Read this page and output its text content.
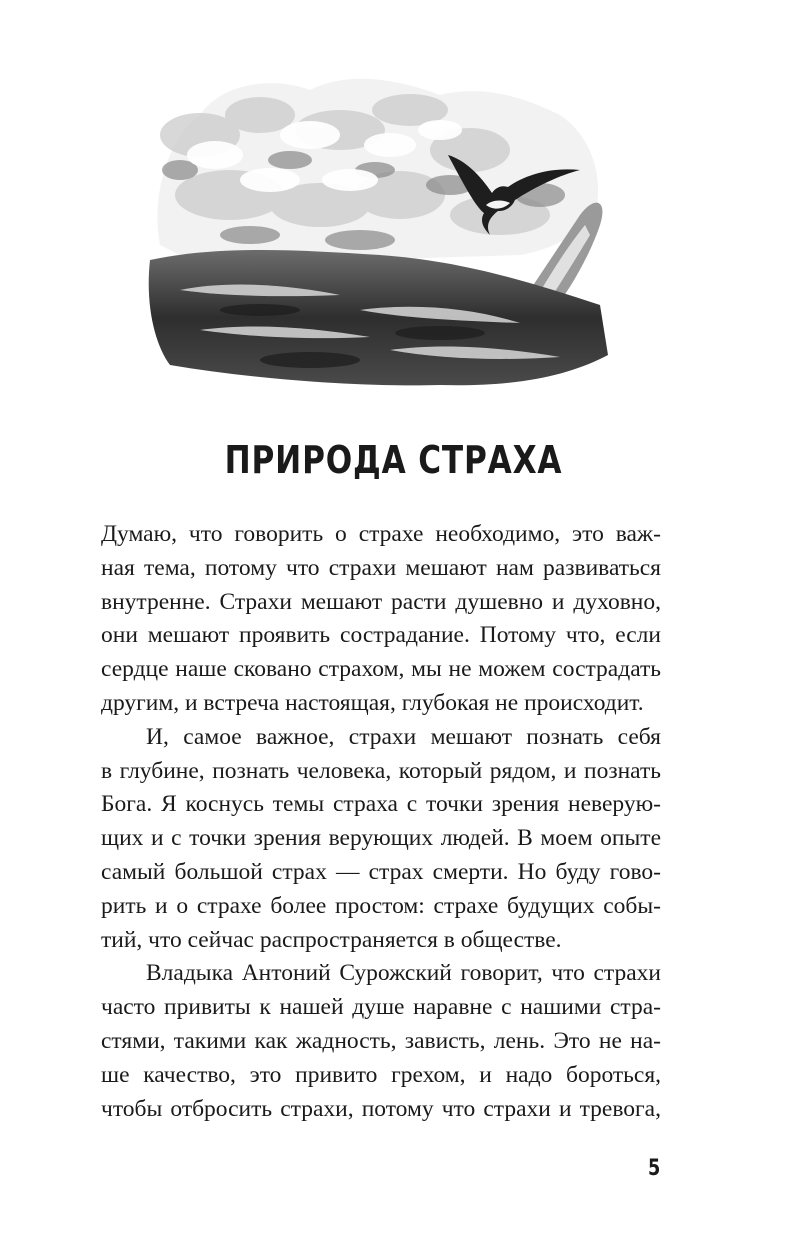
ПРИРОДА СТРАХА
Думаю, что говорить о страхе необходимо, это важ-
ная тема, потому что страхи мешают нам развиваться
внутренне. Страхи мешают расти душевно и духовно,
они мешают проявить сострадание. Потому что, если
сердце наше сковано страхом, мы не можем сострадать
другим, и встреча настоящая, глубокая не происходит.
И, самое важное, страхи мешают познать себя
в глубине, познать человека, который рядом, и познать
Бога. Я коснусь темы страха с точки зрения неверую-
щих и с точки зрения верующих людей. В моем опыте
самый большой страх — страх смерти. Но буду гово-
рить и о страхе более простом: страхе будущих собы-
тий, что сейчас распространяется в обществе.
Владыка Антоний Сурожский говорит, что страхи
часто привиты к нашей душе наравне с нашими стра-
стями, такими как жадность, зависть, лень. Это не на-
ше качество, это привито грехом, и надо бороться,
чтобы отбросить страхи, потому что страхи и тревога,
5
